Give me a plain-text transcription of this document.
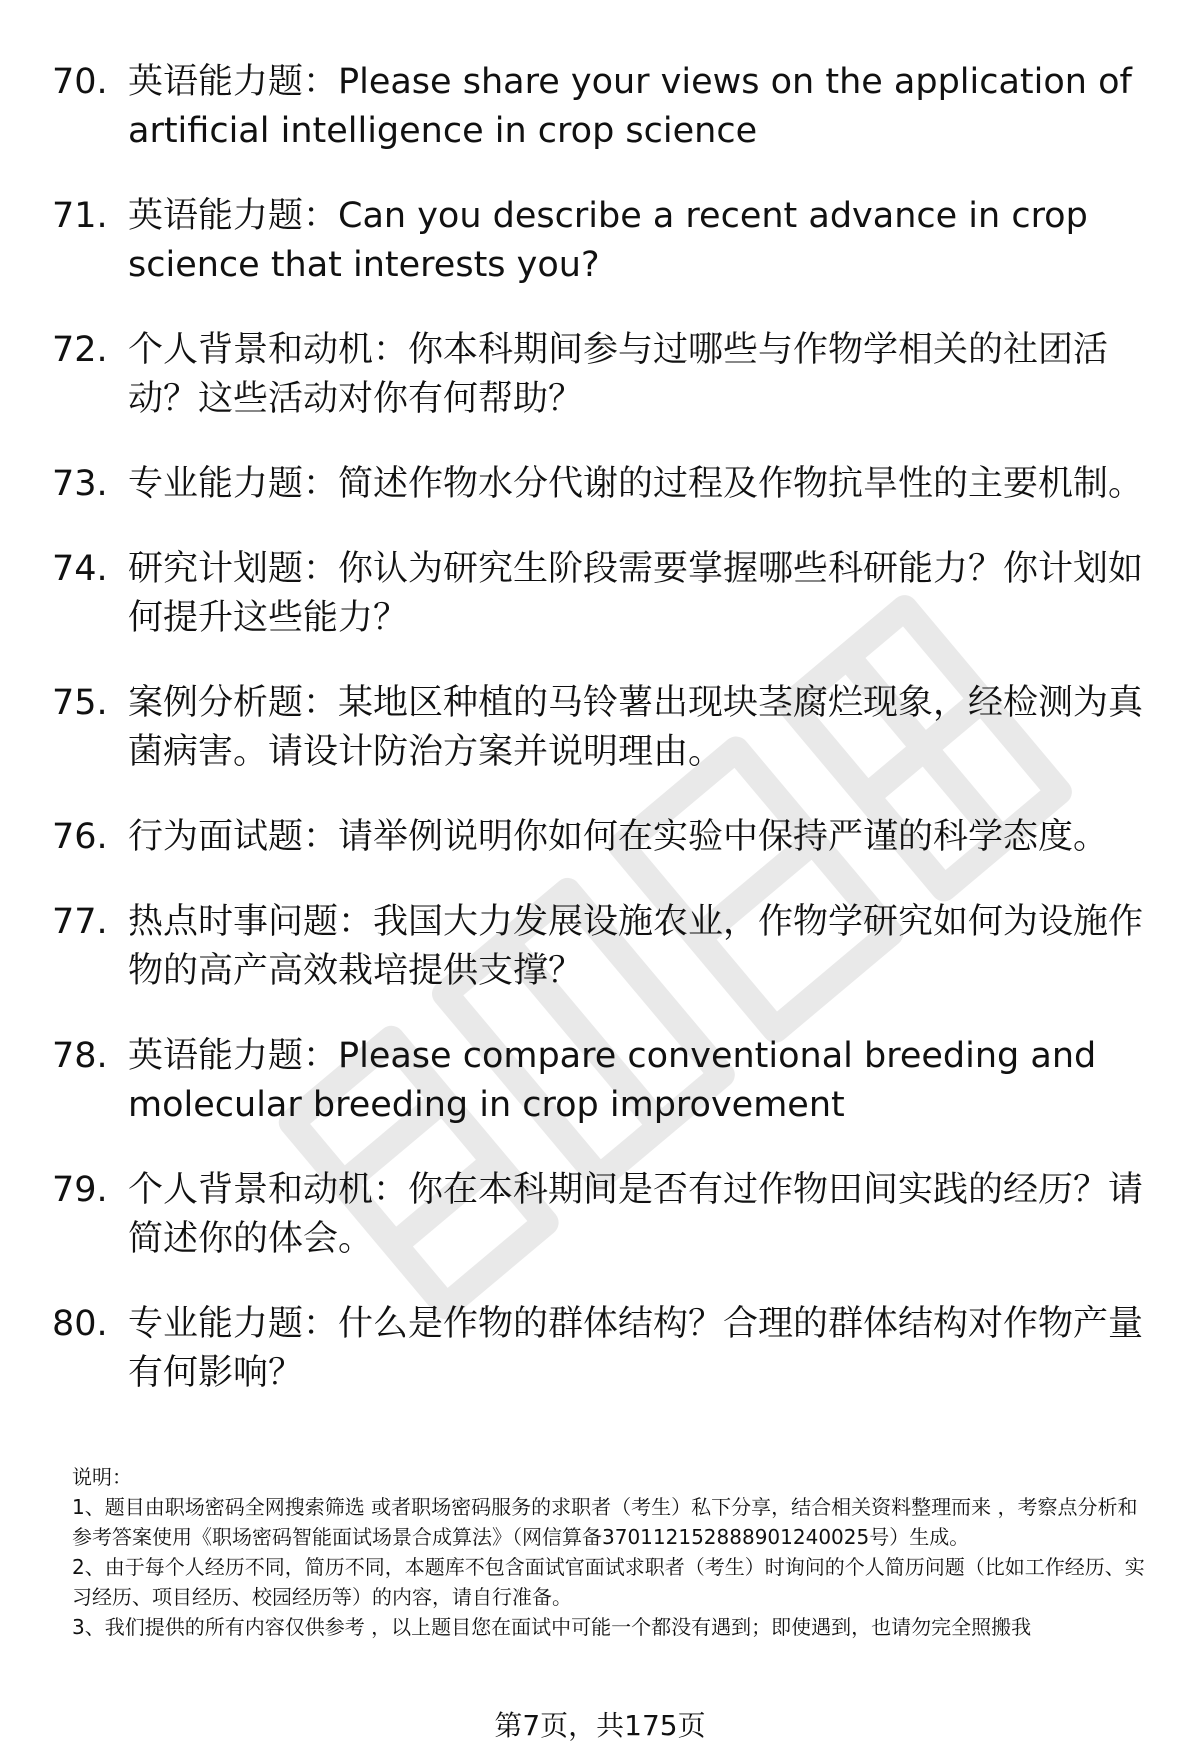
70. 英语能力题：Please share your views on the application of artificial intelligence in crop science
71. 英语能力题：Can you describe a recent advance in crop science that interests you?
72. 个人背景和动机：你本科期间参与过哪些与作物学相关的社团活动？这些活动对你有何帮助？
73. 专业能力题：简述作物水分代谢的过程及作物抗旱性的主要机制。
74. 研究计划题：你认为研究生阶段需要掌握哪些科研能力？你计划如何提升这些能力？
75. 案例分析题：某地区种植的马铃薯出现块茎腐烂现象，经检测为真菌病害。请设计防治方案并说明理由。
76. 行为面试题：请举例说明你如何在实验中保持严谨的科学态度。
77. 热点时事问题：我国大力发展设施农业，作物学研究如何为设施作物的高产高效栽培提供支撑？
78. 英语能力题：Please compare conventional breeding and molecular breeding in crop improvement
79. 个人背景和动机：你在本科期间是否有过作物田间实践的经历？请简述你的体会。
80. 专业能力题：什么是作物的群体结构？合理的群体结构对作物产量有何影响？

说明：

1、题目由职场密码全网搜索筛选 或者职场密码服务的求职者（考生）私下分享，结合相关资料整理而来 ，考察点分析和参考答案使用《职场密码智能面试场景合成算法》（网信算备370112152888901240025号）生成。

2、由于每个人经历不同，简历不同，本题库不包含面试官面试求职者（考生）时询问的个人简历问题（比如工作经历、实习经历、项目经历、校园经历等）的内容，请自行准备。

3、我们提供的所有内容仅供参考 ，以上题目您在面试中可能一个都没有遇到；即使遇到，也请勿完全照搬我

第7页，共175页
